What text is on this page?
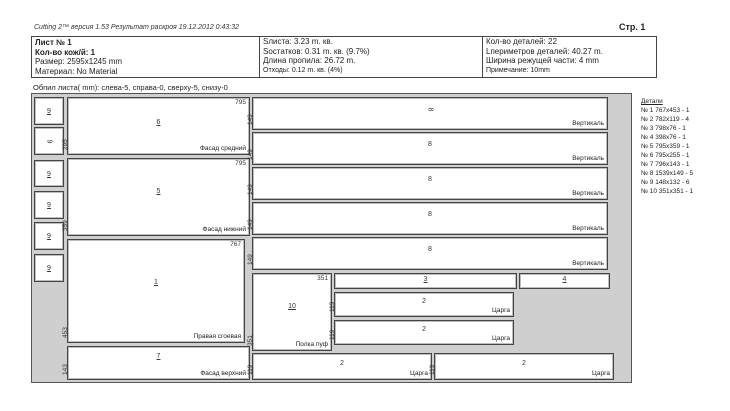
Cutting 2™ версия 1.53 Результат раскроя 19.12.2012 0:43:32	Стр. 1
Лист № 1
Кол-во кож/й: 1
Размер: 2595x1245 mm
Материал: No Material
Sлиста: 3.23 m. кв.
Sостатков: 0.31 m. кв. (9.7%)
Длина пропила: 26.72 m.
Отходы: 0.12 m. кв. (4%)
Кол-во деталей: 22
Lпериметров деталей: 40.27 m.
Ширина режущей части: 4 mm
Примечание: 10mm
Обпил листа( mm): слева-5, справа-0, сверху-5, снизу-0
9
9
9
9
9
9
795
6
295	Фасад средний
795
5
359	Фасад нижний
767
1
453	Правая сгоевая
7
143	Фасад верхний
8
149	Вертикаль
8
149	Вертикаль
8
149	Вертикаль
8
149	Вертикаль
8
149	Вертикаль
351
10
351	Полка пуф
3	4
2
119	Царга
2
119	Царга
2
119	Царга
2
119	Царга
Детали
№ 1 767x453 - 1
№ 2 782x119 - 4
№ 3 798x76 - 1
№ 4 398x76 - 1
№ 5 795x359 - 1
№ 6 795x255 - 1
№ 7 796x143 - 1
№ 8 1539x149 - 5
№ 9 148x132 - 6
№ 10 351x351 - 1
